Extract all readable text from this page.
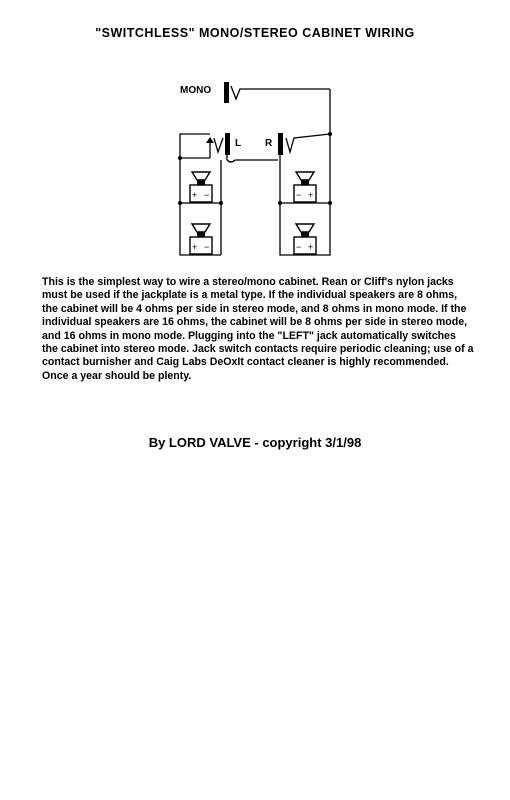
"SWITCHLESS" MONO/STEREO CABINET WIRING
MONO
L R
+ −
+ −
− +
− +

This is the simplest way to wire a stereo/mono cabinet. Rean or Cliff's nylon jacks must be used if the jackplate is a metal type. If the individual speakers are 8 ohms, the cabinet will be 4 ohms per side in stereo mode, and 8 ohms in mono mode. If the individual speakers are 16 ohms, the cabinet will be 8 ohms per side in stereo mode, and 16 ohms in mono mode. Plugging into the "LEFT" jack automatically switches the cabinet into stereo mode. Jack switch contacts require periodic cleaning; use of a contact burnisher and Caig Labs DeOxIt contact cleaner is highly recommended. Once a year should be plenty.

By LORD VALVE - copyright 3/1/98
